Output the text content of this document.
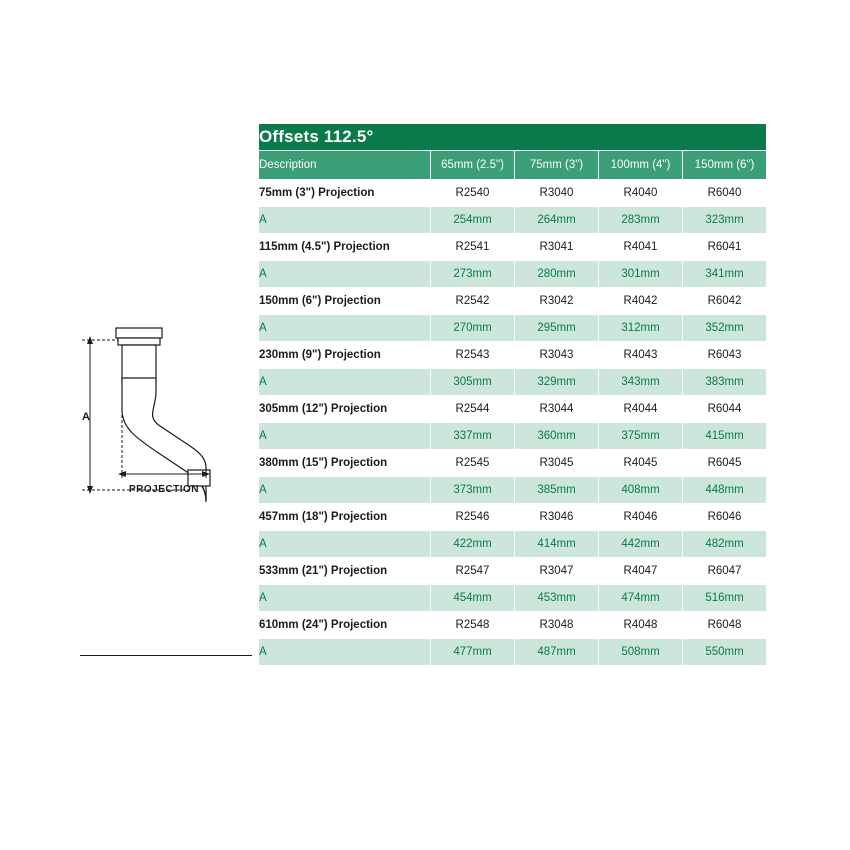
A
PROJECTION
Offsets 112.5°				
Description	65mm (2.5")	75mm (3")	100mm (4")	150mm (6")
75mm (3") Projection	R2540	R3040	R4040	R6040
A	254mm	264mm	283mm	323mm
115mm (4.5") Projection	R2541	R3041	R4041	R6041
A	273mm	280mm	301mm	341mm
150mm (6") Projection	R2542	R3042	R4042	R6042
A	270mm	295mm	312mm	352mm
230mm (9") Projection	R2543	R3043	R4043	R6043
A	305mm	329mm	343mm	383mm
305mm (12") Projection	R2544	R3044	R4044	R6044
A	337mm	360mm	375mm	415mm
380mm (15") Projection	R2545	R3045	R4045	R6045
A	373mm	385mm	408mm	448mm
457mm (18") Projection	R2546	R3046	R4046	R6046
A	422mm	414mm	442mm	482mm
533mm (21") Projection	R2547	R3047	R4047	R6047
A	454mm	453mm	474mm	516mm
610mm (24") Projection	R2548	R3048	R4048	R6048
A	477mm	487mm	508mm	550mm
